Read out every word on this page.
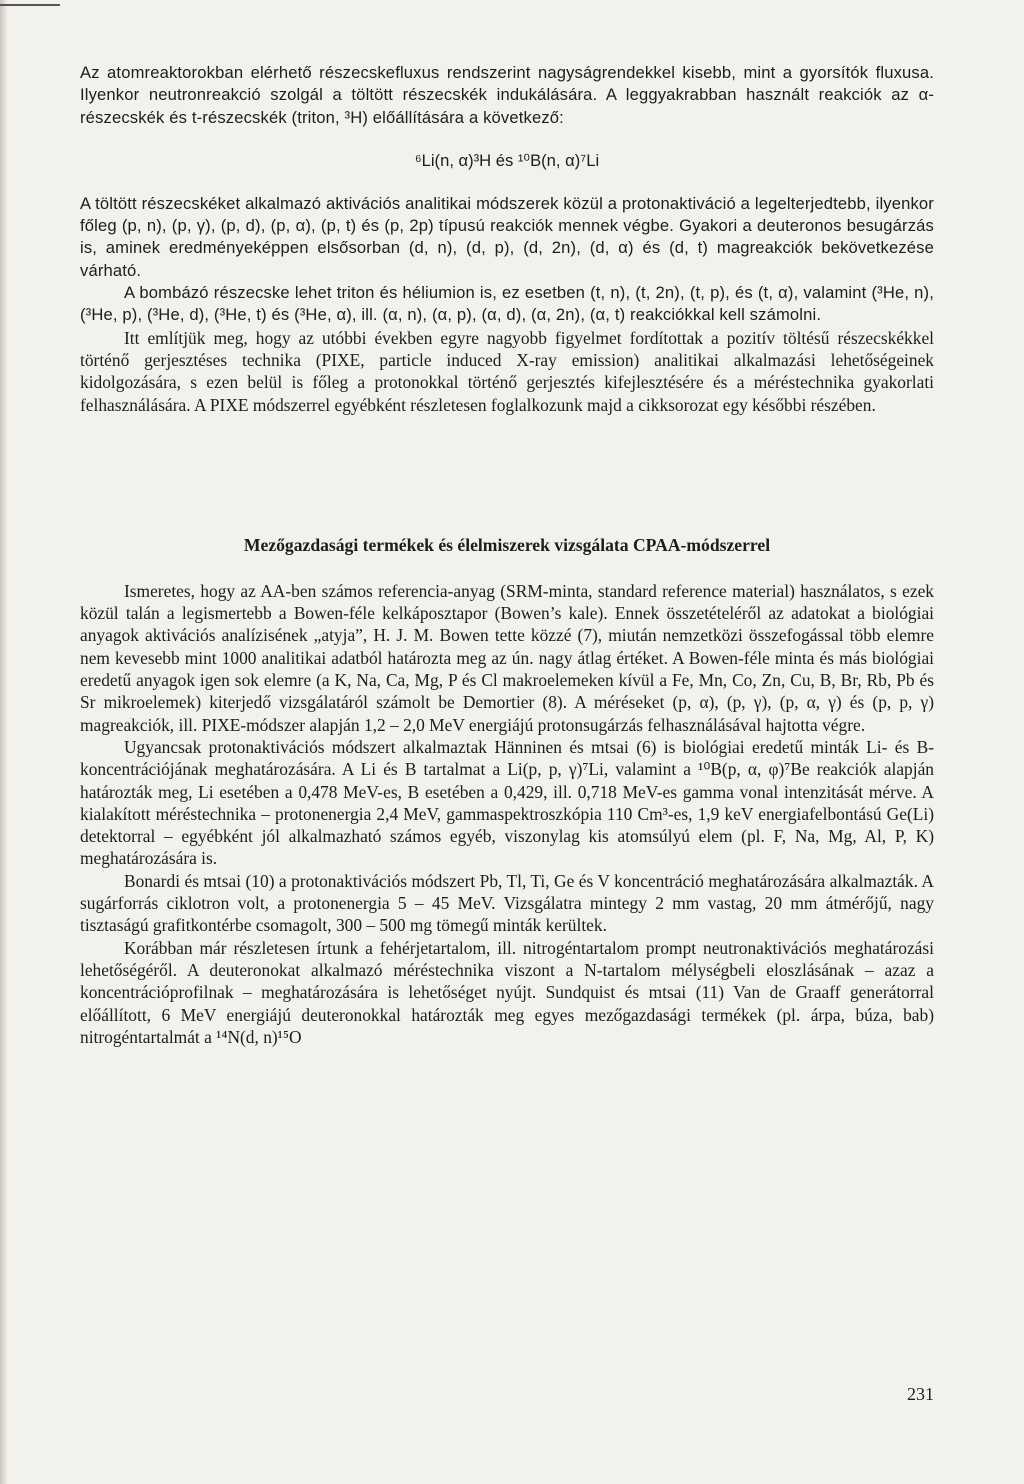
Az atomreaktorokban elérhető részecskefluxus rendszerint nagyságrendekkel kisebb, mint a gyorsítók fluxusa. Ilyenkor neutronreakció szolgál a töltött részecskék indukálására. A leggyakrabban használt reakciók az α-részecskék és t-részecskék (triton, ³H) előállítására a következő:

⁶Li(n, α)³H és ¹⁰B(n, α)⁷Li

A töltött részecskéket alkalmazó aktivációs analitikai módszerek közül a protonaktiváció a legelterjedtebb, ilyenkor főleg (p, n), (p, γ), (p, d), (p, α), (p, t) és (p, 2p) típusú reakciók mennek végbe. Gyakori a deuteronos besugárzás is, aminek eredményeképpen elsősorban (d, n), (d, p), (d, 2n), (d, α) és (d, t) magreakciók bekövetkezése várható.

A bombázó részecske lehet triton és héliumion is, ez esetben (t, n), (t, 2n), (t, p), és (t, α), valamint (³He, n), (³He, p), (³He, d), (³He, t) és (³He, α), ill. (α, n), (α, p), (α, d), (α, 2n), (α, t) reakciókkal kell számolni.

Itt említjük meg, hogy az utóbbi években egyre nagyobb figyelmet fordítottak a pozitív töltésű részecskékkel történő gerjesztéses technika (PIXE, particle induced X-ray emission) analitikai alkalmazási lehetőségeinek kidolgozására, s ezen belül is főleg a protonokkal történő gerjesztés kifejlesztésére és a méréstechnika gyakorlati felhasználására. A PIXE módszerrel egyébként részletesen foglalkozunk majd a cikksorozat egy későbbi részében.

Mezőgazdasági termékek és élelmiszerek vizsgálata CPAA-módszerrel

Ismeretes, hogy az AA-ben számos referencia-anyag (SRM-minta, standard reference material) használatos, s ezek közül talán a legismertebb a Bowen-féle kelkáposztapor (Bowen’s kale). Ennek összetételéről az adatokat a biológiai anyagok aktivációs analízisének „atyja”, H. J. M. Bowen tette közzé (7), miután nemzetközi összefogással több elemre nem kevesebb mint 1000 analitikai adatból határozta meg az ún. nagy átlag értéket. A Bowen-féle minta és más biológiai eredetű anyagok igen sok elemre (a K, Na, Ca, Mg, P és Cl makroelemeken kívül a Fe, Mn, Co, Zn, Cu, B, Br, Rb, Pb és Sr mikroelemek) kiterjedő vizsgálatáról számolt be Demortier (8). A méréseket (p, α), (p, γ), (p, α, γ) és (p, p, γ) magreakciók, ill. PIXE-módszer alapján 1,2 – 2,0 MeV energiájú protonsugárzás felhasználásával hajtotta végre.

Ugyancsak protonaktivációs módszert alkalmaztak Hänninen és mtsai (6) is biológiai eredetű minták Li- és B-koncentrációjának meghatározására. A Li és B tartalmat a Li(p, p, γ)⁷Li, valamint a ¹⁰B(p, α, φ)⁷Be reakciók alapján határozták meg, Li esetében a 0,478 MeV-es, B esetében a 0,429, ill. 0,718 MeV-es gamma vonal intenzitását mérve. A kialakított méréstechnika – protonenergia 2,4 MeV, gammaspektroszkópia 110 Cm³-es, 1,9 keV energiafelbontású Ge(Li) detektorral – egyébként jól alkalmazható számos egyéb, viszonylag kis atomsúlyú elem (pl. F, Na, Mg, Al, P, K) meghatározására is.

Bonardi és mtsai (10) a protonaktivációs módszert Pb, Tl, Ti, Ge és V koncentráció meghatározására alkalmazták. A sugárforrás ciklotron volt, a protonenergia 5 – 45 MeV. Vizsgálatra mintegy 2 mm vastag, 20 mm átmérőjű, nagy tisztaságú grafitkontérbe csomagolt, 300 – 500 mg tömegű minták kerültek.

Korábban már részletesen írtunk a fehérjetartalom, ill. nitrogéntartalom prompt neutronaktivációs meghatározási lehetőségéről. A deuteronokat alkalmazó méréstechnika viszont a N-tartalom mélységbeli eloszlásának – azaz a koncentrációprofilnak – meghatározására is lehetőséget nyújt. Sundquist és mtsai (11) Van de Graaff generátorral előállított, 6 MeV energiájú deuteronokkal határozták meg egyes mezőgazdasági termékek (pl. árpa, búza, bab) nitrogéntartalmát a ¹⁴N(d, n)¹⁵O

231
